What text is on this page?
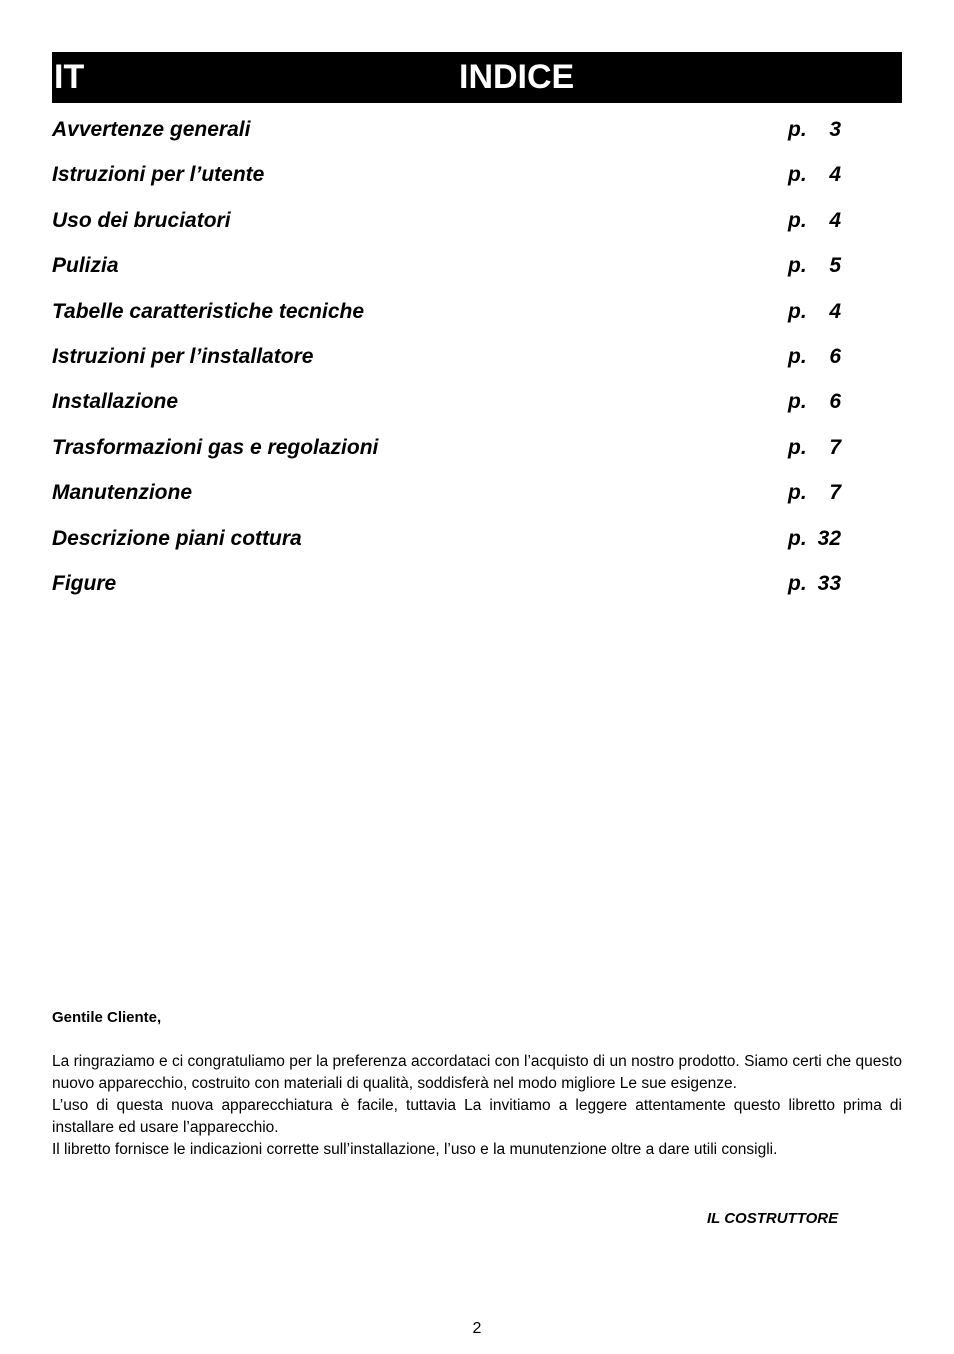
IT	INDICE
Avvertenze generali	p.	3
Istruzioni per l’utente	p.	4
Uso dei bruciatori	p.	4
Pulizia	p.	5
Tabelle caratteristiche tecniche	p.	4
Istruzioni per l’installatore	p.	6
Installazione	p.	6
Trasformazioni gas e regolazioni	p.	7
Manutenzione	p.	7
Descrizione piani cottura	p. 32
Figure	p. 33

Gentile Cliente,

La ringraziamo e ci congratuliamo per la preferenza accordataci con l’acquisto di un nostro prodotto. Siamo certi che questo nuovo apparecchio, costruito con materiali di qualità, soddisferà nel modo migliore Le sue esigenze.

L’uso di questa nuova apparecchiatura è facile, tuttavia La invitiamo a leggere attentamente questo libretto prima di installare ed usare l’apparecchio.

Il libretto fornisce le indicazioni corrette sull’installazione, l’uso e la munutenzione oltre a dare utili consigli.

IL COSTRUTTORE
2
